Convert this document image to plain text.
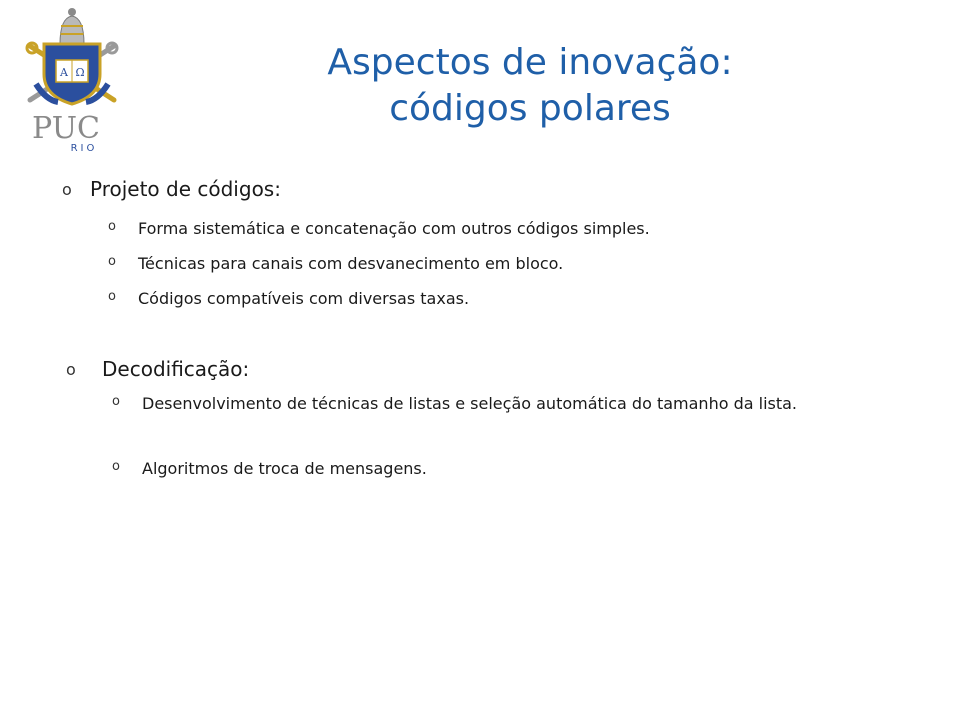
A Ω
PUC
RIO
Aspectos de inovação:
códigos polares
o Projeto de códigos:
o	Forma sistemática e concatenação com outros códigos simples.
o	Técnicas para canais com desvanecimento em bloco.
o	Códigos compatíveis com diversas taxas.
o	Decodificação:
o	Desenvolvimento de técnicas de listas e seleção automática do tamanho da lista.
o	Algoritmos de troca de mensagens.
